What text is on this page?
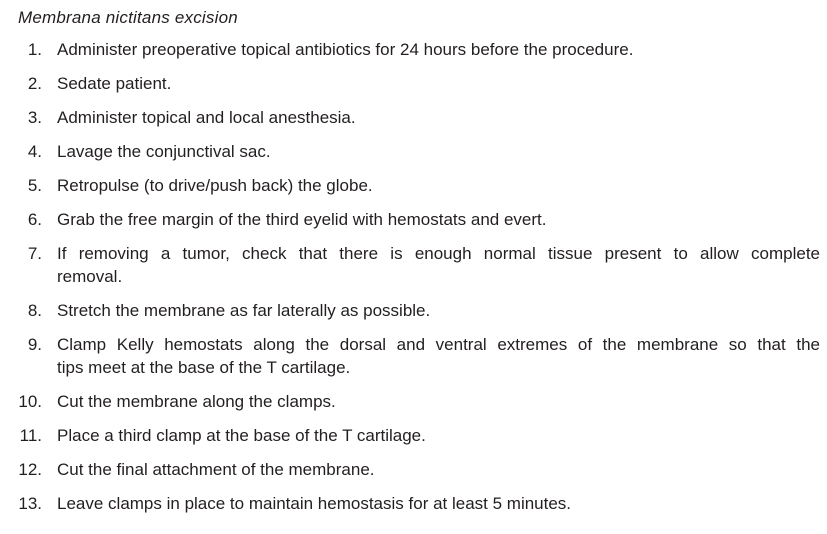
Membrana nictitans excision
1. Administer preoperative topical antibiotics for 24 hours before the procedure.
2. Sedate patient.
3. Administer topical and local anesthesia.
4. Lavage the conjunctival sac.
5. Retropulse (to drive/push back) the globe.
6. Grab the free margin of the third eyelid with hemostats and evert.
7. If removing a tumor, check that there is enough normal tissue present to allow complete
removal.
8. Stretch the membrane as far laterally as possible.
9. Clamp Kelly hemostats along the dorsal and ventral extremes of the membrane so that the
tips meet at the base of the T cartilage.
10. Cut the membrane along the clamps.
11. Place a third clamp at the base of the T cartilage.
12. Cut the final attachment of the membrane.
13. Leave clamps in place to maintain hemostasis for at least 5 minutes.
